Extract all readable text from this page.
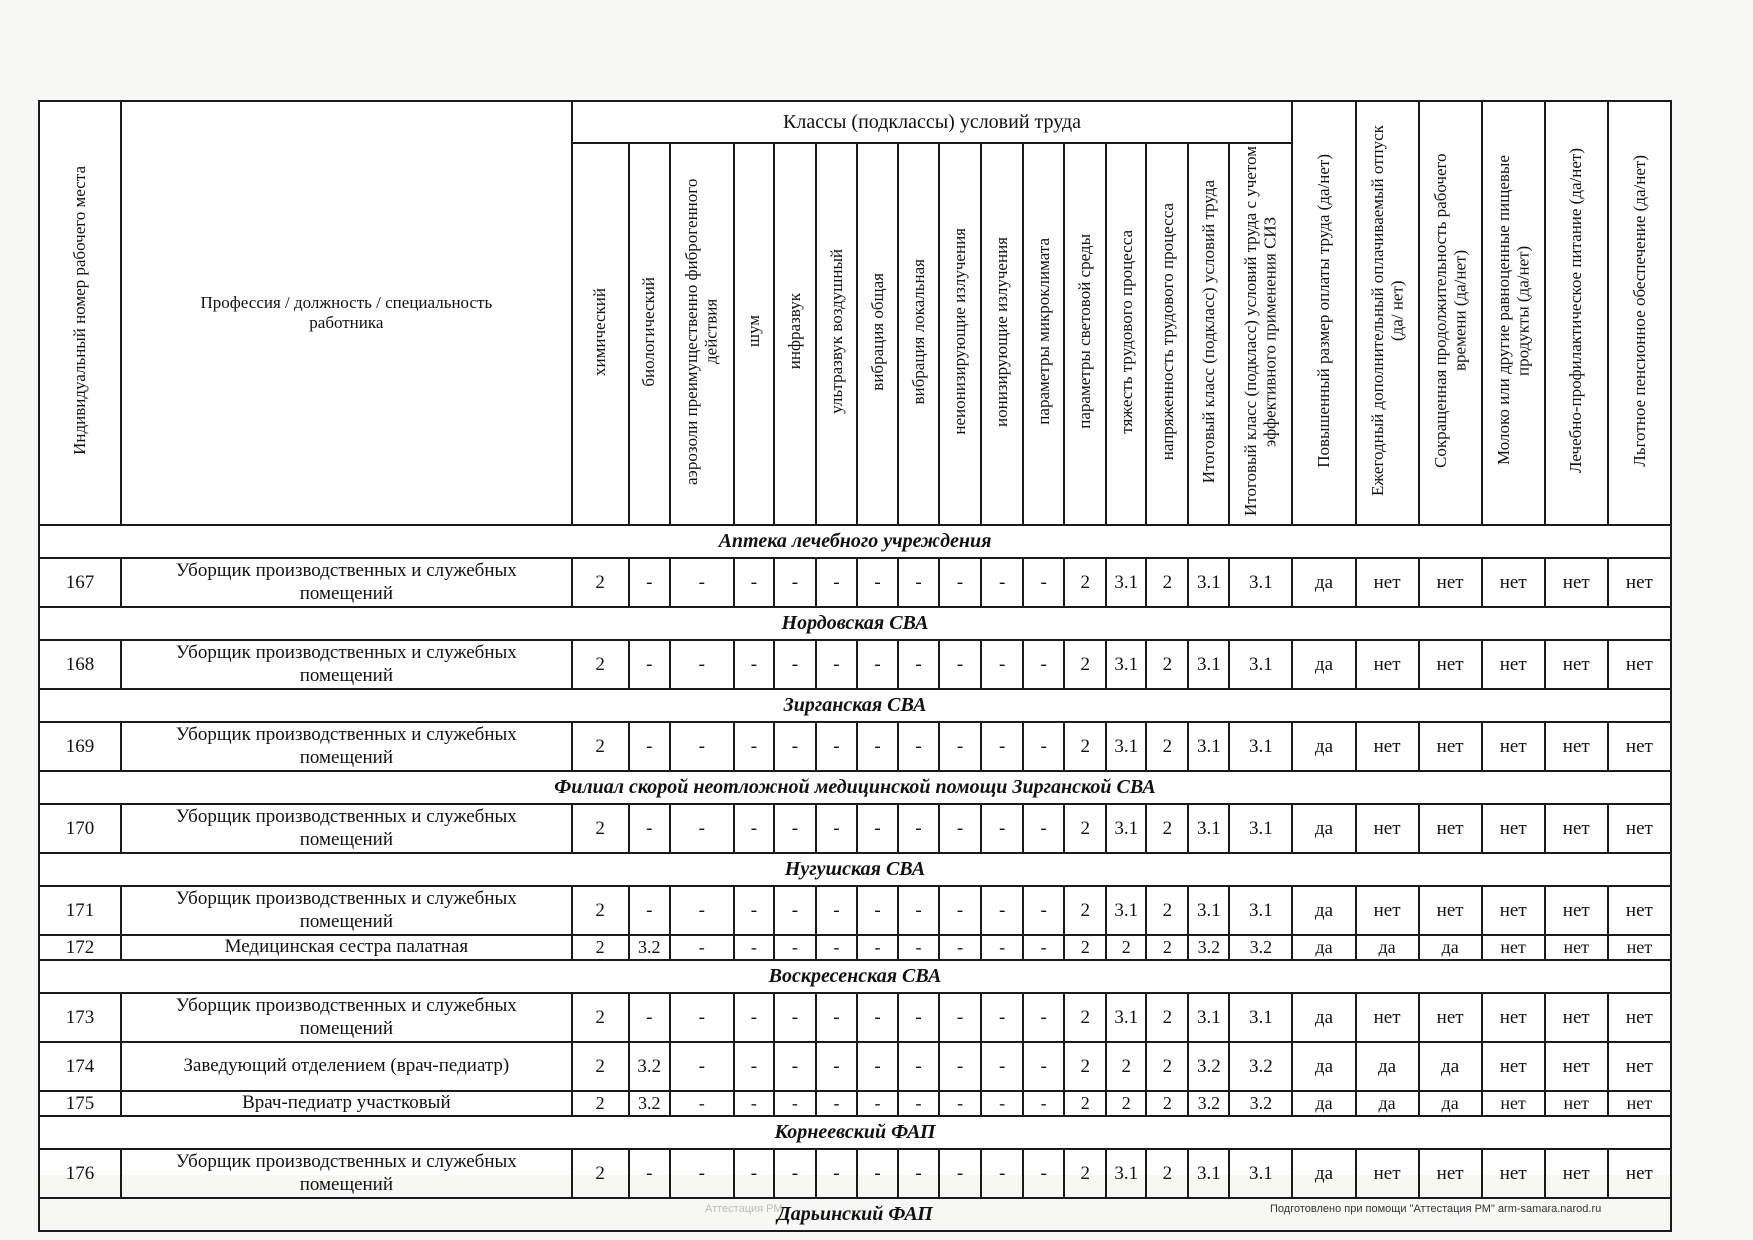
Индивидуальный номер рабочего места	Профессия / должность / специальность работника	Классы (подклассы) условий труда																Повышенный размер оплаты труда (да/нет)	Ежегодный дополнительный оплачиваемый отпуск (да/ нет)	Сокращенная продолжительность рабочего времени (да/нет)	Молоко или другие равноценные пищевые продукты (да/нет)	Лечебно-профилактическое питание (да/нет)	Льготное пенсионное обеспечение (да/нет)
		химический	биологический	аэрозоли преимущественно фиброгенного действия	шум	инфразвук	ультразвук воздушный	вибрация общая	вибрация локальная	неионизирующие излучения	ионизирующие излучения	параметры микроклимата	параметры световой среды	тяжесть трудового процесса	напряженность трудового процесса	Итоговый класс (подкласс) условий труда	Итоговый класс (подкласс) условий труда с учетом эффективного применения СИЗ						
Аптека лечебного учреждения																							
167	Уборщик производственных и служебных помещений	2	-	-	-	-	-	-	-	-	-	-	2	3.1	2	3.1	3.1	да	нет	нет	нет	нет	нет
Нордовская СВА																							
168	Уборщик производственных и служебных помещений	2	-	-	-	-	-	-	-	-	-	-	2	3.1	2	3.1	3.1	да	нет	нет	нет	нет	нет
Зирганская СВА																							
169	Уборщик производственных и служебных помещений	2	-	-	-	-	-	-	-	-	-	-	2	3.1	2	3.1	3.1	да	нет	нет	нет	нет	нет
Филиал скорой неотложной медицинской помощи Зирганской СВА																							
170	Уборщик производственных и служебных помещений	2	-	-	-	-	-	-	-	-	-	-	2	3.1	2	3.1	3.1	да	нет	нет	нет	нет	нет
Нугушская СВА																							
171	Уборщик производственных и служебных помещений	2	-	-	-	-	-	-	-	-	-	-	2	3.1	2	3.1	3.1	да	нет	нет	нет	нет	нет
172	Медицинская сестра палатная	2	3.2	-	-	-	-	-	-	-	-	-	2	2	2	3.2	3.2	да	да	да	нет	нет	нет
Воскресенская СВА																							
173	Уборщик производственных и служебных помещений	2	-	-	-	-	-	-	-	-	-	-	2	3.1	2	3.1	3.1	да	нет	нет	нет	нет	нет
174	Заведующий отделением (врач-педиатр)	2	3.2	-	-	-	-	-	-	-	-	-	2	2	2	3.2	3.2	да	да	да	нет	нет	нет
175	Врач-педиатр участковый	2	3.2	-	-	-	-	-	-	-	-	-	2	2	2	3.2	3.2	да	да	да	нет	нет	нет
Корнеевский ФАП																							
176	Уборщик производственных и служебных помещений	2	-	-	-	-	-	-	-	-	-	-	2	3.1	2	3.1	3.1	да	нет	нет	нет	нет	нет
Дарьинский ФАП																							
Аттестация РМ	Подготовлено при помощи "Аттестация РМ" arm-samara.narod.ru
